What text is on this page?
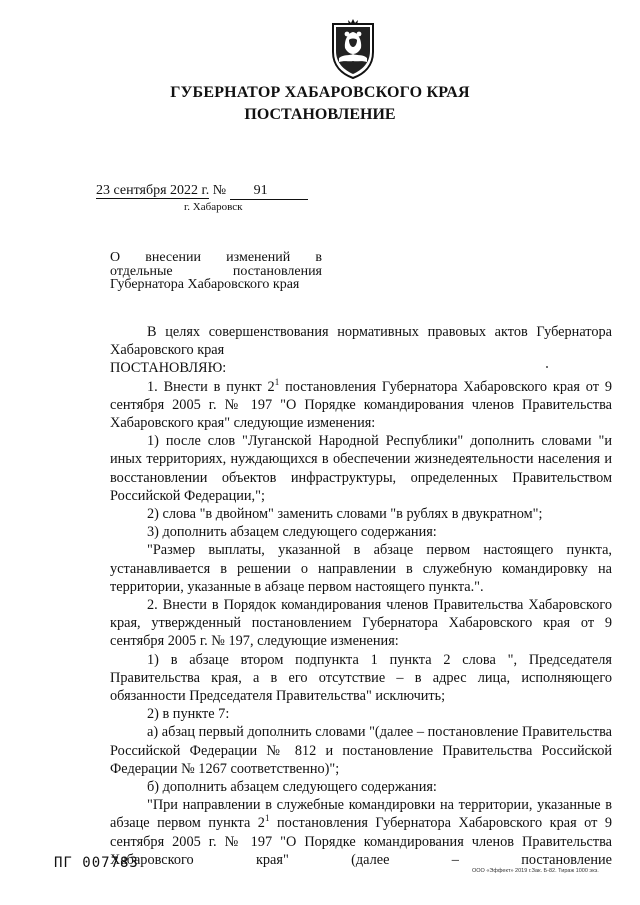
ГУБЕРНАТОР ХАБАРОВСКОГО КРАЯ
ПОСТАНОВЛЕНИЕ
23 сентября 2022 г. № 91
г. Хабаровск
О внесении изменений в
отдельные постановления
Губернатора Хабаровского края
В целях совершенствования нормативных правовых актов Губернатора Хабаровского края
ПОСТАНОВЛЯЮ:
1. Внести в пункт $2^1$ постановления Губернатора Хабаровского края от 9 сентября 2005 г. № 197 "О Порядке командирования членов Правительства Хабаровского края" следующие изменения:
1) после слов "Луганской Народной Республики" дополнить словами "и иных территориях, нуждающихся в обеспечении жизнедеятельности населения и восстановлении объектов инфраструктуры, определенных Правительством Российской Федерации,";
2) слова "в двойном" заменить словами "в рублях в двукратном";
3) дополнить абзацем следующего содержания:
"Размер выплаты, указанной в абзаце первом настоящего пункта, устанавливается в решении о направлении в служебную командировку на территории, указанные в абзаце первом настоящего пункта.".
2. Внести в Порядок командирования членов Правительства Хабаровского края, утвержденный постановлением Губернатора Хабаровского края от 9 сентября 2005 г. № 197, следующие изменения:
1) в абзаце втором подпункта 1 пункта 2 слова ", Председателя Правительства края, а в его отсутствие – в адрес лица, исполняющего обязанности Председателя Правительства" исключить;
2) в пункте 7:
а) абзац первый дополнить словами "(далее – постановление Правительства Российской Федерации № 812 и постановление Правительства Российской Федерации № 1267 соответственно)";
б) дополнить абзацем следующего содержания:
"При направлении в служебные командировки на территории, указанные в абзаце первом пункта $2^1$ постановления Губернатора Хабаровского края от 9 сентября 2005 г. № 197 "О Порядке командирования членов Правительства Хабаровского края" (далее – постановление
ПГ 007783	ООО «Эффект» 2019 г.Зак. Б-82. Тираж 1000 экз.
